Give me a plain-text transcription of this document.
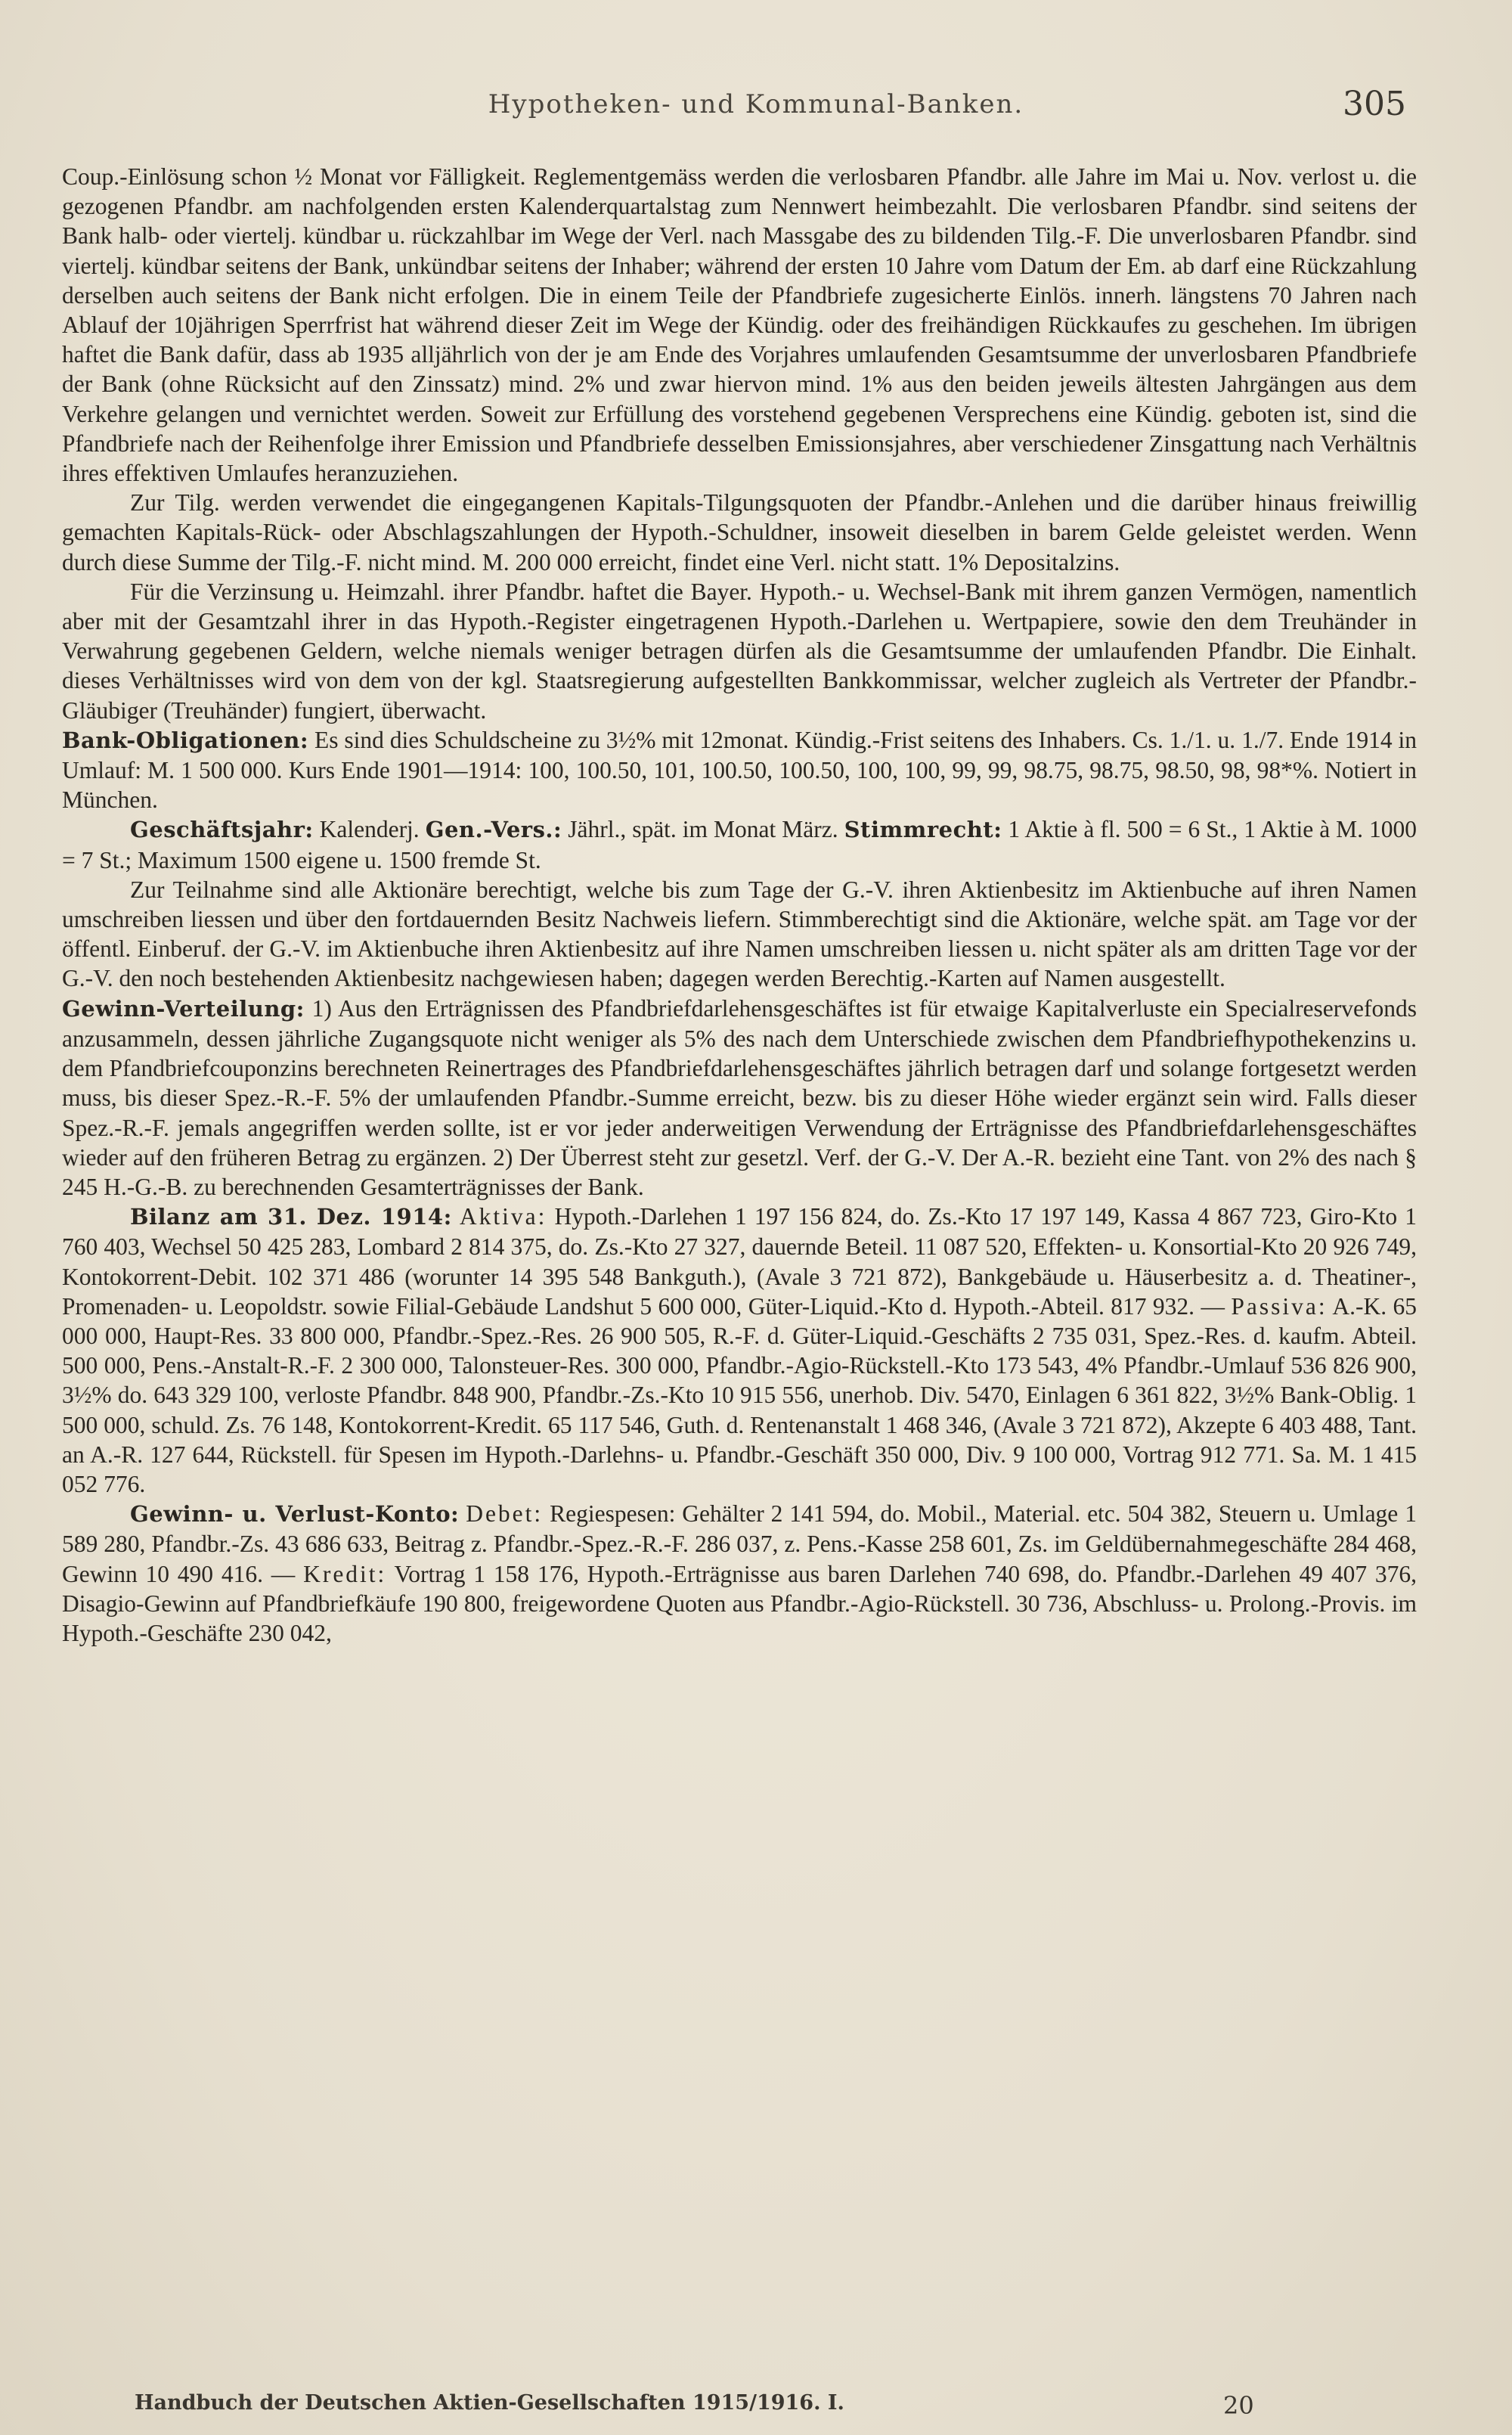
Hypotheken- und Kommunal-Banken.	305

Coup.-Einlösung schon ½ Monat vor Fälligkeit. Reglementgemäss werden die verlosbaren Pfandbr. alle Jahre im Mai u. Nov. verlost u. die gezogenen Pfandbr. am nachfolgenden ersten Kalenderquartalstag zum Nennwert heimbezahlt. Die verlosbaren Pfandbr. sind seitens der Bank halb- oder viertelj. kündbar u. rückzahlbar im Wege der Verl. nach Massgabe des zu bildenden Tilg.-F. Die unverlosbaren Pfandbr. sind viertelj. kündbar seitens der Bank, unkündbar seitens der Inhaber; während der ersten 10 Jahre vom Datum der Em. ab darf eine Rückzahlung derselben auch seitens der Bank nicht erfolgen. Die in einem Teile der Pfandbriefe zugesicherte Einlös. innerh. längstens 70 Jahren nach Ablauf der 10jährigen Sperrfrist hat während dieser Zeit im Wege der Kündig. oder des freihändigen Rückkaufes zu geschehen. Im übrigen haftet die Bank dafür, dass ab 1935 alljährlich von der je am Ende des Vorjahres umlaufenden Gesamtsumme der unverlosbaren Pfandbriefe der Bank (ohne Rücksicht auf den Zinssatz) mind. 2% und zwar hiervon mind. 1% aus den beiden jeweils ältesten Jahrgängen aus dem Verkehre gelangen und vernichtet werden. Soweit zur Erfüllung des vorstehend gegebenen Versprechens eine Kündig. geboten ist, sind die Pfandbriefe nach der Reihenfolge ihrer Emission und Pfandbriefe desselben Emissionsjahres, aber verschiedener Zinsgattung nach Verhältnis ihres effektiven Umlaufes heranzuziehen.

Zur Tilg. werden verwendet die eingegangenen Kapitals-Tilgungsquoten der Pfandbr.-Anlehen und die darüber hinaus freiwillig gemachten Kapitals-Rück- oder Abschlagszahlungen der Hypoth.-Schuldner, insoweit dieselben in barem Gelde geleistet werden. Wenn durch diese Summe der Tilg.-F. nicht mind. M. 200 000 erreicht, findet eine Verl. nicht statt. 1% Depositalzins.

Für die Verzinsung u. Heimzahl. ihrer Pfandbr. haftet die Bayer. Hypoth.- u. Wechsel-Bank mit ihrem ganzen Vermögen, namentlich aber mit der Gesamtzahl ihrer in das Hypoth.-Register eingetragenen Hypoth.-Darlehen u. Wertpapiere, sowie den dem Treuhänder in Verwahrung gegebenen Geldern, welche niemals weniger betragen dürfen als die Gesamtsumme der umlaufenden Pfandbr. Die Einhalt. dieses Verhältnisses wird von dem von der kgl. Staatsregierung aufgestellten Bankkommissar, welcher zugleich als Vertreter der Pfandbr.-Gläubiger (Treuhänder) fungiert, überwacht.

Bank-Obligationen: Es sind dies Schuldscheine zu 3½% mit 12monat. Kündig.-Frist seitens des Inhabers. Cs. 1./1. u. 1./7. Ende 1914 in Umlauf: M. 1 500 000. Kurs Ende 1901—1914: 100, 100.50, 101, 100.50, 100.50, 100, 100, 99, 99, 98.75, 98.75, 98.50, 98, 98*%. Notiert in München.

Geschäftsjahr: Kalenderj. Gen.-Vers.: Jährl., spät. im Monat März. Stimmrecht: 1 Aktie à fl. 500 = 6 St., 1 Aktie à M. 1000 = 7 St.; Maximum 1500 eigene u. 1500 fremde St.

Zur Teilnahme sind alle Aktionäre berechtigt, welche bis zum Tage der G.-V. ihren Aktienbesitz im Aktienbuche auf ihren Namen umschreiben liessen und über den fortdauernden Besitz Nachweis liefern. Stimmberechtigt sind die Aktionäre, welche spät. am Tage vor der öffentl. Einberuf. der G.-V. im Aktienbuche ihren Aktienbesitz auf ihre Namen umschreiben liessen u. nicht später als am dritten Tage vor der G.-V. den noch bestehenden Aktienbesitz nachgewiesen haben; dagegen werden Berechtig.-Karten auf Namen ausgestellt.

Gewinn-Verteilung: 1) Aus den Erträgnissen des Pfandbriefdarlehensgeschäftes ist für etwaige Kapitalverluste ein Specialreservefonds anzusammeln, dessen jährliche Zugangsquote nicht weniger als 5% des nach dem Unterschiede zwischen dem Pfandbriefhypothekenzins u. dem Pfandbriefcouponzins berechneten Reinertrages des Pfandbriefdarlehensgeschäftes jährlich betragen darf und solange fortgesetzt werden muss, bis dieser Spez.-R.-F. 5% der umlaufenden Pfandbr.-Summe erreicht, bezw. bis zu dieser Höhe wieder ergänzt sein wird. Falls dieser Spez.-R.-F. jemals angegriffen werden sollte, ist er vor jeder anderweitigen Verwendung der Erträgnisse des Pfandbriefdarlehensgeschäftes wieder auf den früheren Betrag zu ergänzen. 2) Der Überrest steht zur gesetzl. Verf. der G.-V. Der A.-R. bezieht eine Tant. von 2% des nach § 245 H.-G.-B. zu berechnenden Gesamterträgnisses der Bank.

Bilanz am 31. Dez. 1914: Aktiva: Hypoth.-Darlehen 1 197 156 824, do. Zs.-Kto 17 197 149, Kassa 4 867 723, Giro-Kto 1 760 403, Wechsel 50 425 283, Lombard 2 814 375, do. Zs.-Kto 27 327, dauernde Beteil. 11 087 520, Effekten- u. Konsortial-Kto 20 926 749, Kontokorrent-Debit. 102 371 486 (worunter 14 395 548 Bankguth.), (Avale 3 721 872), Bankgebäude u. Häuserbesitz a. d. Theatiner-, Promenaden- u. Leopoldstr. sowie Filial-Gebäude Landshut 5 600 000, Güter-Liquid.-Kto d. Hypoth.-Abteil. 817 932. — Passiva: A.-K. 65 000 000, Haupt-Res. 33 800 000, Pfandbr.-Spez.-Res. 26 900 505, R.-F. d. Güter-Liquid.-Geschäfts 2 735 031, Spez.-Res. d. kaufm. Abteil. 500 000, Pens.-Anstalt-R.-F. 2 300 000, Talonsteuer-Res. 300 000, Pfandbr.-Agio-Rückstell.-Kto 173 543, 4% Pfandbr.-Umlauf 536 826 900, 3½% do. 643 329 100, verloste Pfandbr. 848 900, Pfandbr.-Zs.-Kto 10 915 556, unerhob. Div. 5470, Einlagen 6 361 822, 3½% Bank-Oblig. 1 500 000, schuld. Zs. 76 148, Kontokorrent-Kredit. 65 117 546, Guth. d. Rentenanstalt 1 468 346, (Avale 3 721 872), Akzepte 6 403 488, Tant. an A.-R. 127 644, Rückstell. für Spesen im Hypoth.-Darlehns- u. Pfandbr.-Geschäft 350 000, Div. 9 100 000, Vortrag 912 771. Sa. M. 1 415 052 776.

Gewinn- u. Verlust-Konto: Debet: Regiespesen: Gehälter 2 141 594, do. Mobil., Material. etc. 504 382, Steuern u. Umlage 1 589 280, Pfandbr.-Zs. 43 686 633, Beitrag z. Pfandbr.-Spez.-R.-F. 286 037, z. Pens.-Kasse 258 601, Zs. im Geldübernahmegeschäfte 284 468, Gewinn 10 490 416. — Kredit: Vortrag 1 158 176, Hypoth.-Erträgnisse aus baren Darlehen 740 698, do. Pfandbr.-Darlehen 49 407 376, Disagio-Gewinn auf Pfandbriefkäufe 190 800, freigewordene Quoten aus Pfandbr.-Agio-Rückstell. 30 736, Abschluss- u. Prolong.-Provis. im Hypoth.-Geschäfte 230 042,

Handbuch der Deutschen Aktien-Gesellschaften 1915/1916. I.	20
